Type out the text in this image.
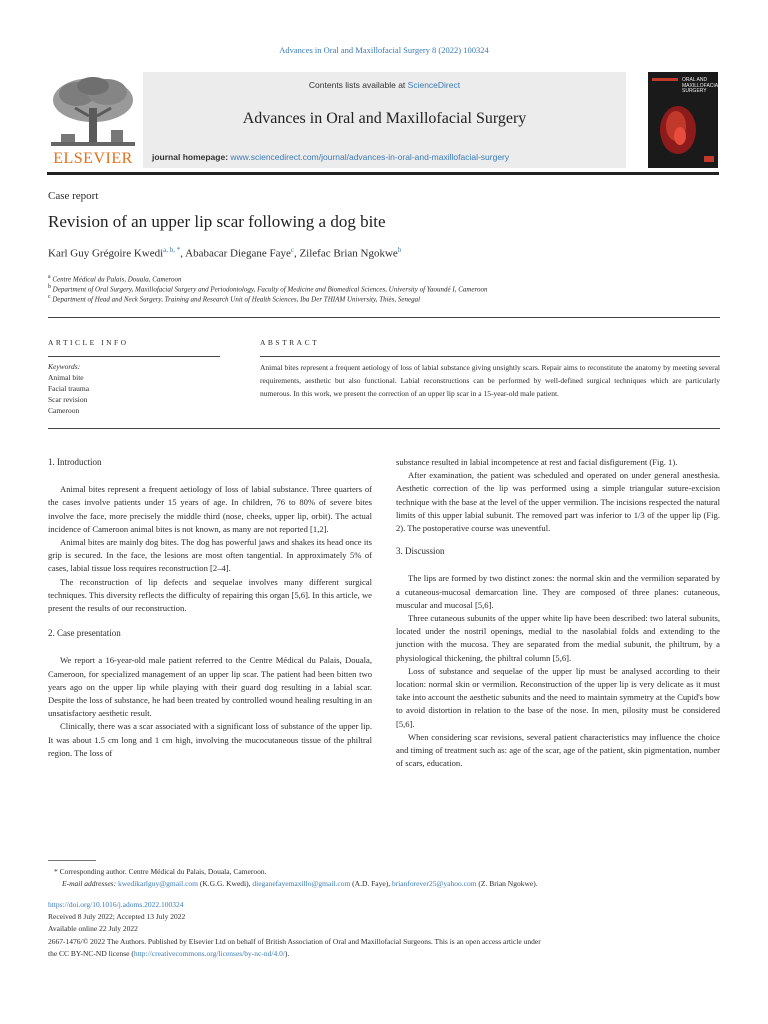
Advances in Oral and Maxillofacial Surgery 8 (2022) 100324
ELSEVIER
Contents lists available at ScienceDirect
Advances in Oral and Maxillofacial Surgery
journal homepage: www.sciencedirect.com/journal/advances-in-oral-and-maxillofacial-surgery
ORAL AND
MAXILLOFACIAL
SURGERY
Case report
Revision of an upper lip scar following a dog bite
Karl Guy Grégoire Kwedi$^{a, b, *}$, Ababacar Diegane Faye$^c$, Zilefac Brian Ngokwe$^b$
$^a$ Centre Médical du Palais, Douala, Cameroon
$^b$ Department of Oral Surgery, Maxillofacial Surgery and Periodontology, Faculty of Medicine and Biomedical Sciences, University of Yaoundé I, Cameroon
$^c$ Department of Head and Neck Surgery, Training and Research Unit of Health Sciences, Iba Der THIAM University, Thiès, Senegal
ARTICLE INFO
Keywords:
Animal bite
Facial trauma
Scar revision
Cameroon
ABSTRACT
Animal bites represent a frequent aetiology of loss of labial substance giving unsightly scars. Repair aims to reconstitute the anatomy by meeting several requirements, aesthetic but also functional. Labial reconstructions can be performed by well-defined surgical techniques which are particularly numerous. In this work, we present the correction of an upper lip scar in a 15-year-old male patient.
1. Introduction

Animal bites represent a frequent aetiology of loss of labial substance. Three quarters of the cases involve patients under 15 years of age. In children, 76 to 80% of severe bites involve the face, more precisely the middle third (nose, cheeks, upper lip, orbit). The actual incidence of Cameroon animal bites is not known, as many are not reported [1,2].

Animal bites are mainly dog bites. The dog has powerful jaws and shakes its head once its grip is secured. In the face, the lesions are most often tangential. In approximately 5% of cases, labial tissue loss requires reconstruction [2–4].

The reconstruction of lip defects and sequelae involves many different surgical techniques. This diversity reflects the difficulty of repairing this organ [5,6]. In this article, we present the results of our reconstruction.

2. Case presentation

We report a 16-year-old male patient referred to the Centre Médical du Palais, Douala, Cameroon, for specialized management of an upper lip scar. The patient had been bitten two years ago on the upper lip while playing with their guard dog resulting in a labial scar. Despite the loss of substance, he had been treated by controlled wound healing resulting in an unsatisfactory aesthetic result.

Clinically, there was a scar associated with a significant loss of substance of the upper lip. It was about 1.5 cm long and 1 cm high, involving the mucocutaneous tissue of the philtral region. The loss of

substance resulted in labial incompetence at rest and facial disfigurement (Fig. 1).

After examination, the patient was scheduled and operated on under general anesthesia. Aesthetic correction of the lip was performed using a simple triangular suture-excision technique with the base at the level of the upper vermilion. The incisions respected the natural limits of this upper labial subunit. The removed part was inferior to 1/3 of the upper lip (Fig. 2). The postoperative course was uneventful.

3. Discussion

The lips are formed by two distinct zones: the normal skin and the vermilion separated by a cutaneous-mucosal demarcation line. They are composed of three planes: cutaneous, muscular and mucosal [5,6].

Three cutaneous subunits of the upper white lip have been described: two lateral subunits, located under the nostril openings, medial to the nasolabial folds and extending to the junction with the mucosa. They are separated from the medial subunit, the philtrum, by a physiological thickening, the philtral column [5,6].

Loss of substance and sequelae of the upper lip must be analysed according to their location: normal skin or vermilion. Reconstruction of the upper lip is very delicate as it must take into account the aesthetic subunits and the need to maintain symmetry at the Cupid's bow to avoid distortion in relation to the base of the nose. In men, pilosity must be considered [5,6].

When considering scar revisions, several patient characteristics may influence the choice and timing of treatment such as: age of the scar, age of the patient, skin pigmentation, number of scars, education.

* Corresponding author. Centre Médical du Palais, Douala, Cameroon.
E-mail addresses: kwedikarlguy@gmail.com (K.G.G. Kwedi), dieganefayemaxillo@gmail.com (A.D. Faye), brianforever25@yahoo.com (Z. Brian Ngokwe).
https://doi.org/10.1016/j.adoms.2022.100324
Received 8 July 2022; Accepted 13 July 2022
Available online 22 July 2022
2667-1476/© 2022 The Authors. Published by Elsevier Ltd on behalf of British Association of Oral and Maxillofacial Surgeons. This is an open access article under
the CC BY-NC-ND license (http://creativecommons.org/licenses/by-nc-nd/4.0/).
